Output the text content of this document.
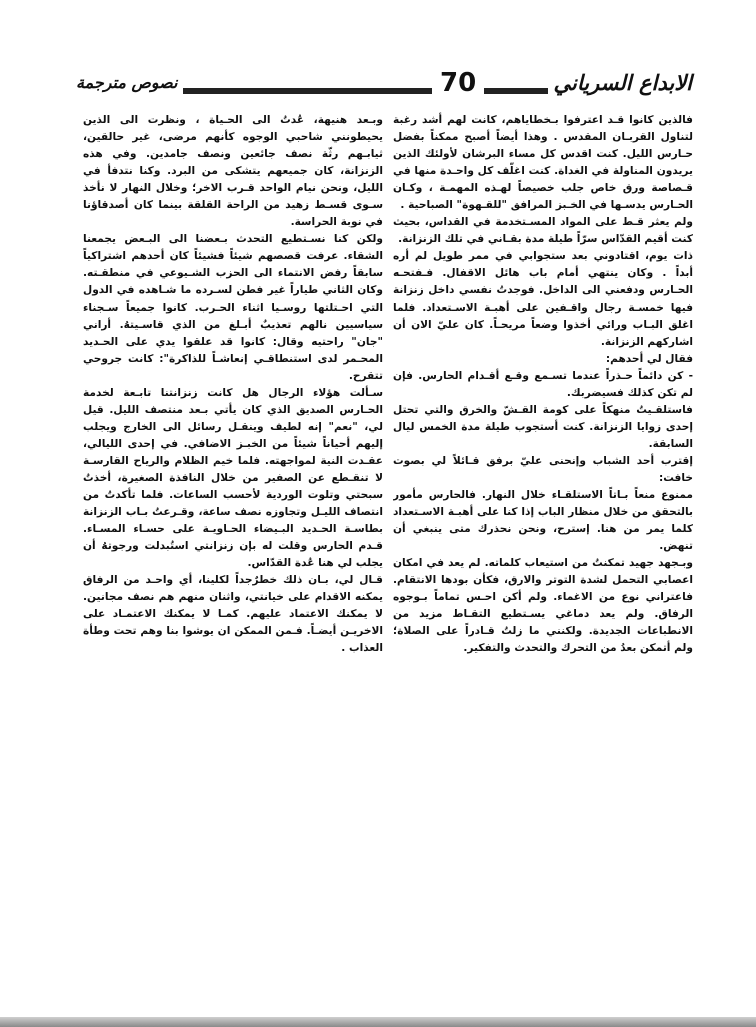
الابداع السرياني
70
نصوص مترجمة

فالذين كانوا قـد اعترفوا بـخطاياهم، كانت لهم أشد رغبة لتناول القربـان المقدس . وهذا أيضاً أصبح ممكناً بفضل حـارس الليل. كنت اقدس كل مساء البرشان لأولئك الذين يريدون المناولة في الغداة. كنت اغلّف كل واحـدة منها في قـصاصة ورق خاص جلب خصيصاً لهـذه المهمـة ، وكـان الحـارس يدسـها في الخـبز المرافق "للقـهوة" الصباحية .

ولم يعثر قـط على المواد المسـتخدمة في القداس، بحيث كنت أقيم القدّاس سرّاً طيلة مدة بقـاني في تلك الزنزانة.

ذات يوم، اقتادوني بعد ستجوابي في ممر طويل لم أره أبداً . وكان ينتهي أمام باب هائل الاقفال. فـفتحـه الحـارس ودفعني الى الداخل. فوجدتُ نفسي داخل زنزانة فيها خمسـة رجال واقـفين على أهبـة الاسـتعداد. فلما اغلق البـاب ورائي أخذوا وضعاً مريحـاً. كان عليّ الان أن اشاركهم الزنزانة.

فقال لي أحدهم:

- كن دائماً حـذراً عندما تسـمع وقـع أقـدام الحارس. فإن لم تكن كذلك فسيضربك.

فاستلقـيتُ منهكاً على كومة القـشّ والخرق والتي تحتل إحدى زوايا الزنزانة. كنت أستجوب طيلة مدة الخمس ليال السابقة.

إقترب أحد الشباب وإنحنى عليّ برفق قـائلاً لي بصوت خافت:

ممنوع منعاً بـاتاً الاستلقـاء خلال النهار. فالحارس مأمور بالتحقق من خلال منظار الباب إذا كنا على أهبـة الاسـتعداد كلما يمر من هنا. إسترح، ونحن نحذرك متى ينبغي أن تنهض.

وبـجهد جهيد تمكنتُ من استيعاب كلماته. لم يعد في امكان اعصابي التحمل لشدة التوتر والارق، فكأن بودها الانتقام. فاعتراني نوع من الاغماء. ولم أكن احـس تماماً بـوجوه الرفاق. ولم يعد دماغي يسـتطيع التقـاط مزيد من الانطباعات الجديدة. ولكنني ما زلتُ قـادراً على الصلاة؛ ولم أتمكن بعدُ من التحرك والتحدث والتفكير.

وبـعد هنيهة، عُدتُ الى الحـياة ، ونظرت الى الذين يحيطونني شاحبي الوجوه كأنهم مرضى، غير حالقين، ثيابـهم رثّة نصف جائعين ونصف جامدين. وفي هذه الزنزانة، كان جميعهم يتشكى من البرد. وكنا نتدفأ في الليل، ونحن نيام الواحد قـرب الاخر؛ وخلال النهار لا نأخذ سـوى قسـط زهيد من الراحة القلقة بينما كان أصدقاؤنا في نوبة الحراسة.

ولكن كنا نسـتطيع التحدث بـعضنا الى البـعض يجمعنا الشقاء. عرفت قصصهم شيئاً فشيئاً كان أحدهم اشتراكياً سابقاً رفض الانتماء الى الحزب الشـيوعي في منطقـته. وكان الثاني طياراً غير فطن لسـرده ما شـاهده في الدول التي احـتلتها روسـيا اثناء الحـرب. كانوا جميعاً سـجناء سياسيين نالهم تعذيبٌ أبـلغ من الذي قاسـيتهُ. أراني "جان" راحتيه وقال: كانوا قد علقوا يدي على الحـديد المحـمر لدى استنطاقـي إنعاشـاً للذاكرة": كانت جروحي تتقرح.

سـألت هؤلاء الرجال هل كانت زنزانتنا تابـعة لخدمة الحـارس الصديق الذي كان يأتي بـعد منتصف الليل. قيل لي، "نعم" إنه لطيف وينقـل رسائل الى الخارج ويجلب إليهم أحياناً شيئاً من الخبـز الاضافي. في إحدى الليالي، عقـدت النية لمواجهته. فلما خيم الظلام والرياح القارسـة لا تنقـطع عن الصفير من خلال النافذة الصغيرة، أخذتُ سبحتي وتلوت الوردية لأحسب الساعات. فلما تأكدتُ من انتصاف الليـل وتجاوزه نصف ساعة، وقـرعتُ بـاب الزنزانة بطاسـة الحـديد البـيضاء الحـاويـة على حسـاء المسـاء. قـدم الحارس وقلت له بإن زنزانتي استُبدلت ورجوتهُ أن يجلب لي هنا عُدة القدّاس.

قـال لي، بـان ذلك خطرٌجداً لكلينا، أي واحـد من الرفاق يمكنه الاقدام على خيانتي، واثنان منهم هم نصف مجانين. لا يمكنك الاعتماد عليهم. كمـا لا يمكنك الاعتمـاد على الاخريـن أيضـاً. فـمن الممكن ان يوشوا بنا وهم تحت وطأة العذاب .
